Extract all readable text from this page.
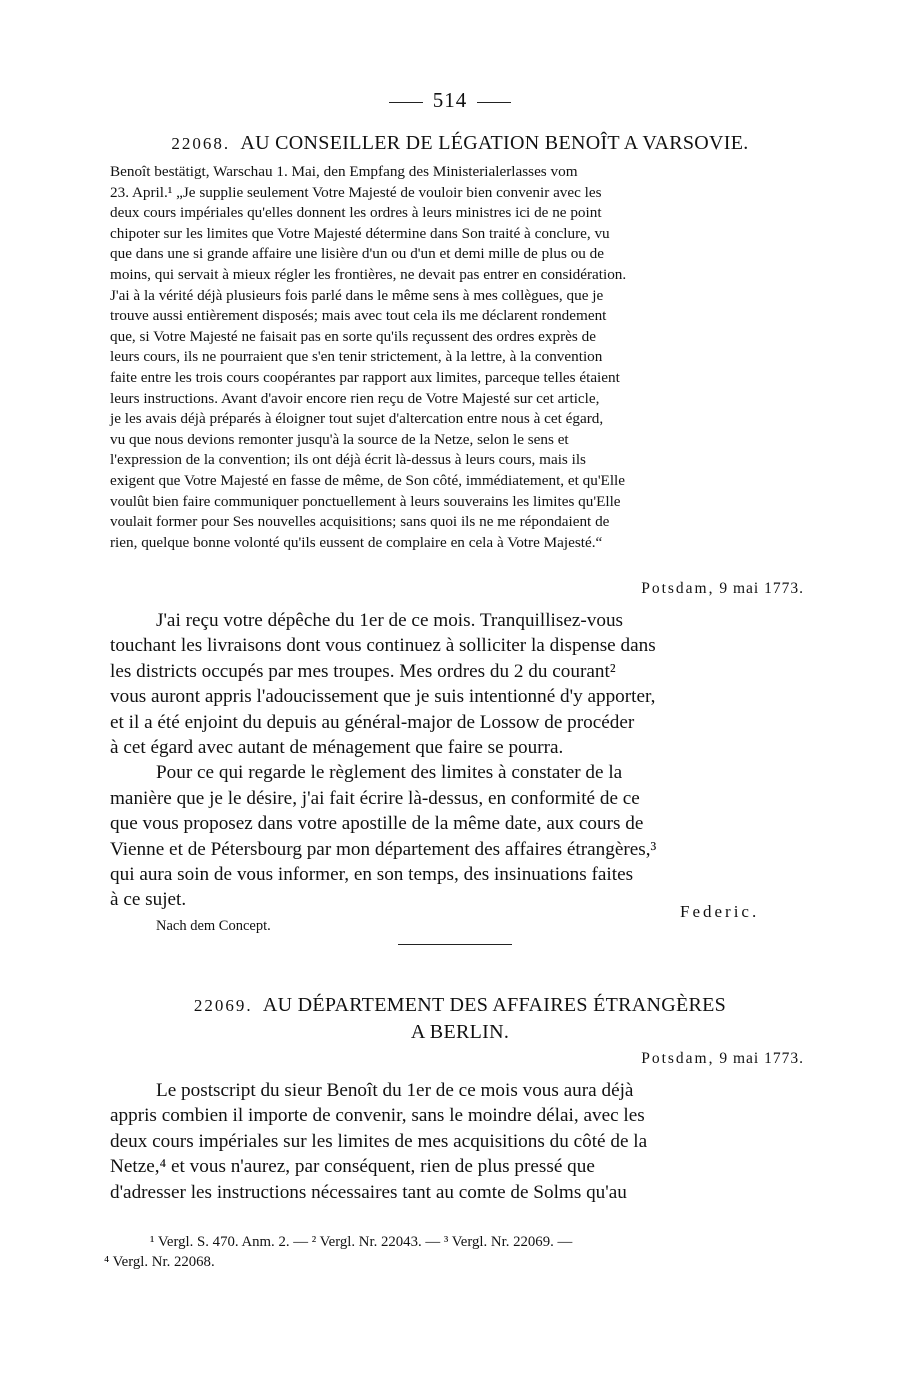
514
22068. AU CONSEILLER DE LÉGATION BENOÎT A VARSOVIE.
Benoît bestätigt, Warschau 1. Mai, den Empfang des Ministerialerlasses vom
23. April.¹ „Je supplie seulement Votre Majesté de vouloir bien convenir avec les
deux cours impériales qu'elles donnent les ordres à leurs ministres ici de ne point
chipoter sur les limites que Votre Majesté détermine dans Son traité à conclure, vu
que dans une si grande affaire une lisière d'un ou d'un et demi mille de plus ou de
moins, qui servait à mieux régler les frontières, ne devait pas entrer en considération.
J'ai à la vérité déjà plusieurs fois parlé dans le même sens à mes collègues, que je
trouve aussi entièrement disposés; mais avec tout cela ils me déclarent rondement
que, si Votre Majesté ne faisait pas en sorte qu'ils reçussent des ordres exprès de
leurs cours, ils ne pourraient que s'en tenir strictement, à la lettre, à la convention
faite entre les trois cours coopérantes par rapport aux limites, parceque telles étaient
leurs instructions. Avant d'avoir encore rien reçu de Votre Majesté sur cet article,
je les avais déjà préparés à éloigner tout sujet d'altercation entre nous à cet égard,
vu que nous devions remonter jusqu'à la source de la Netze, selon le sens et
l'expression de la convention; ils ont déjà écrit là-dessus à leurs cours, mais ils
exigent que Votre Majesté en fasse de même, de Son côté, immédiatement, et qu'Elle
voulût bien faire communiquer ponctuellement à leurs souverains les limites qu'Elle
voulait former pour Ses nouvelles acquisitions; sans quoi ils ne me répondaient de
rien, quelque bonne volonté qu'ils eussent de complaire en cela à Votre Majesté.“
Potsdam, 9 mai 1773.
J'ai reçu votre dépêche du 1er de ce mois. Tranquillisez-vous
touchant les livraisons dont vous continuez à solliciter la dispense dans
les districts occupés par mes troupes. Mes ordres du 2 du courant²
vous auront appris l'adoucissement que je suis intentionné d'y apporter,
et il a été enjoint du depuis au général-major de Lossow de procéder
à cet égard avec autant de ménagement que faire se pourra.
Pour ce qui regarde le règlement des limites à constater de la
manière que je le désire, j'ai fait écrire là-dessus, en conformité de ce
que vous proposez dans votre apostille de la même date, aux cours de
Vienne et de Pétersbourg par mon département des affaires étrangères,³
qui aura soin de vous informer, en son temps, des insinuations faites
à ce sujet.
Federic.
Nach dem Concept.
22069. AU DÉPARTEMENT DES AFFAIRES ÉTRANGÈRES
A BERLIN.
Potsdam, 9 mai 1773.
Le postscript du sieur Benoît du 1er de ce mois vous aura déjà
appris combien il importe de convenir, sans le moindre délai, avec les
deux cours impériales sur les limites de mes acquisitions du côté de la
Netze,⁴ et vous n'aurez, par conséquent, rien de plus pressé que
d'adresser les instructions nécessaires tant au comte de Solms qu'au
¹ Vergl. S. 470. Anm. 2. — ² Vergl. Nr. 22043. — ³ Vergl. Nr. 22069. —
⁴ Vergl. Nr. 22068.
